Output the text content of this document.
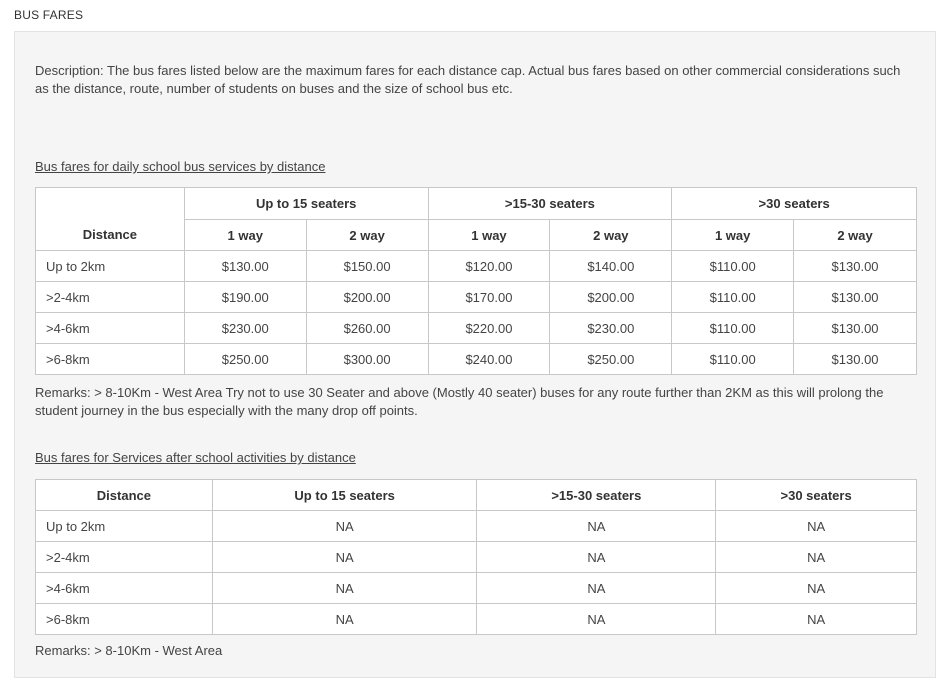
BUS FARES

Description: The bus fares listed below are the maximum fares for each distance cap. Actual bus fares based on other commercial considerations such as the distance, route, number of students on buses and the size of school bus etc.

Bus fares for daily school bus services by distance

	Up to 15 seaters		>15-30 seaters		>30 seaters	
Distance	1 way	2 way	1 way	2 way	1 way	2 way
Up to 2km	$130.00	$150.00	$120.00	$140.00	$110.00	$130.00
>2-4km	$190.00	$200.00	$170.00	$200.00	$110.00	$130.00
>4-6km	$230.00	$260.00	$220.00	$230.00	$110.00	$130.00
>6-8km	$250.00	$300.00	$240.00	$250.00	$110.00	$130.00

Remarks: > 8-10Km - West Area Try not to use 30 Seater and above (Mostly 40 seater) buses for any route further than 2KM as this will prolong the student journey in the bus especially with the many drop off points.

Bus fares for Services after school activities by distance

Distance	Up to 15 seaters	>15-30 seaters	>30 seaters
Up to 2km	NA	NA	NA
>2-4km	NA	NA	NA
>4-6km	NA	NA	NA
>6-8km	NA	NA	NA

Remarks: > 8-10Km - West Area
